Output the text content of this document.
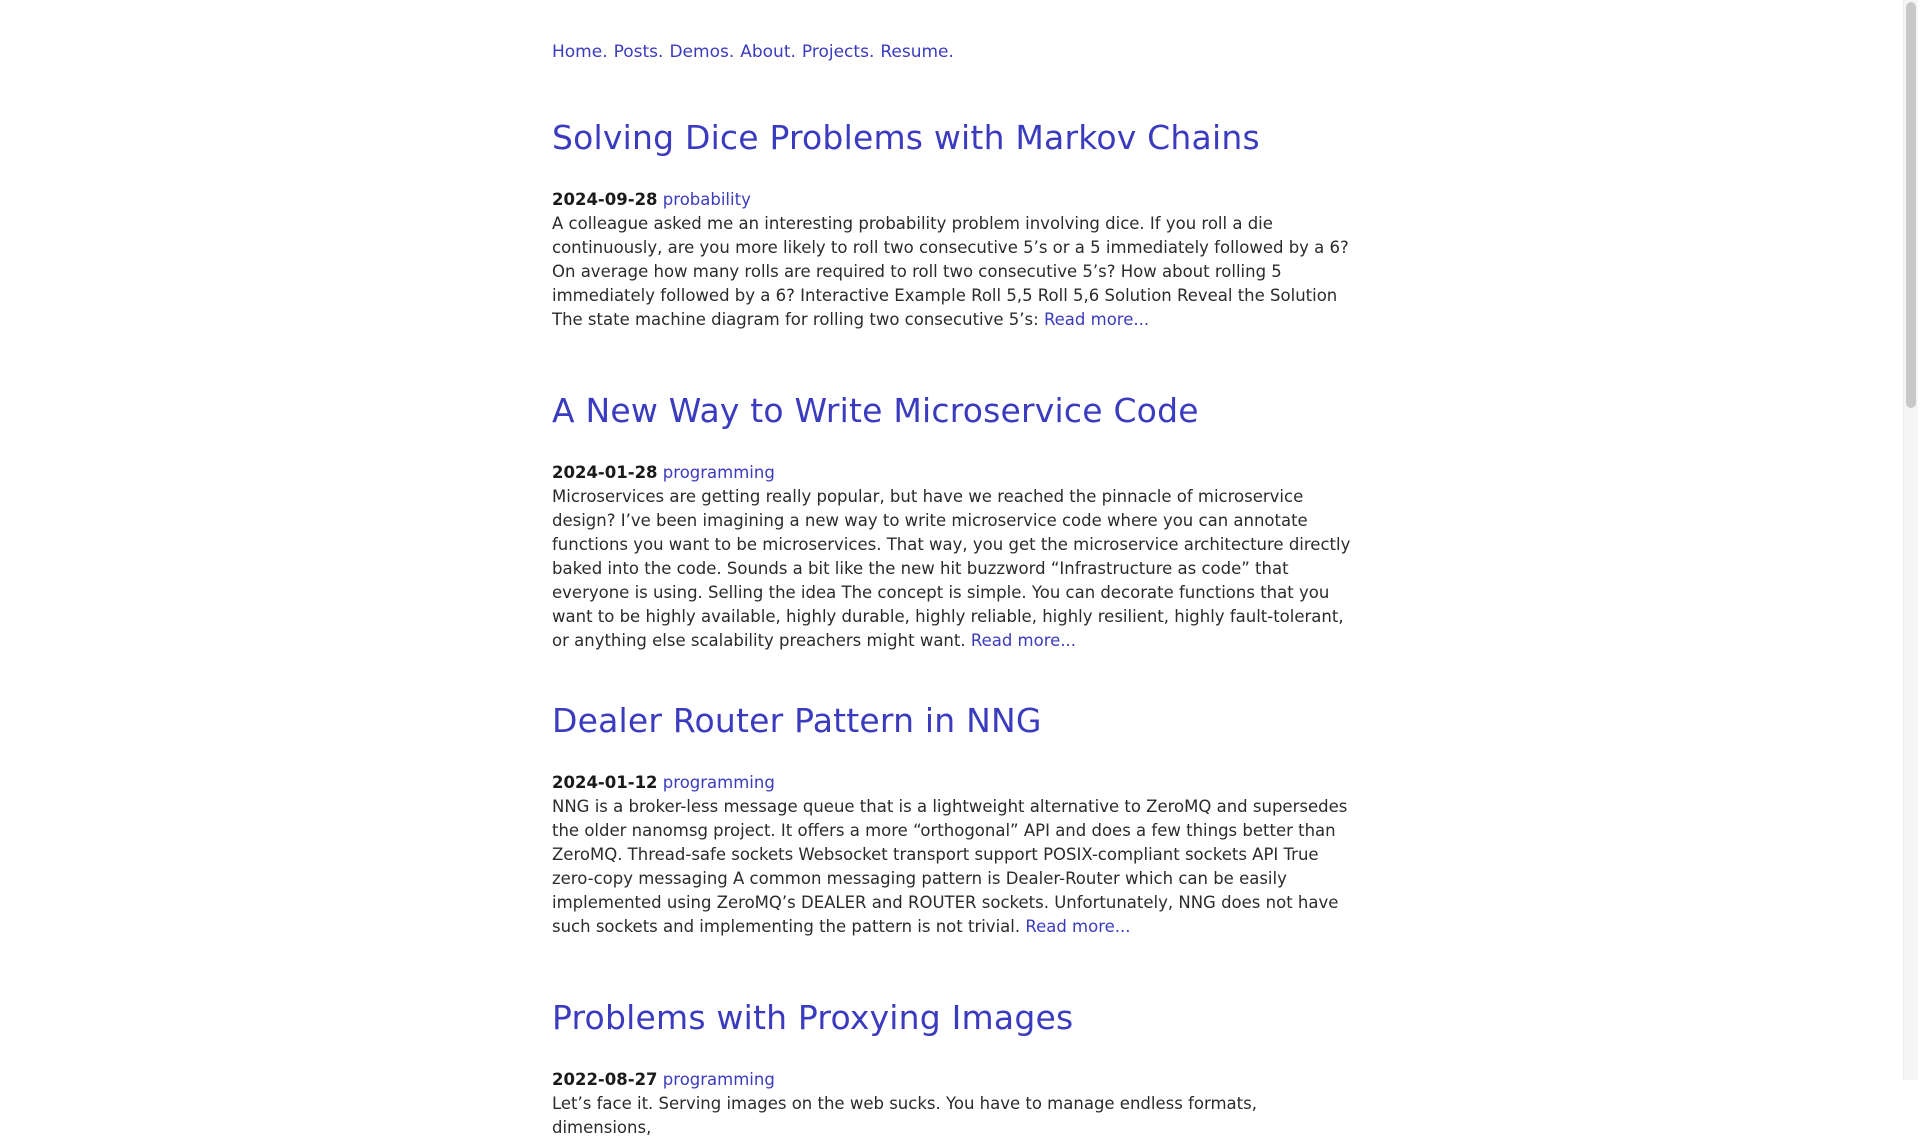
Home. Posts. Demos. About. Projects. Resume.
Solving Dice Problems with Markov Chains
2024-09-28 probability

A colleague asked me an interesting probability problem involving dice. If you roll a die continuously, are you more likely to roll two consecutive 5’s or a 5 immediately followed by a 6? On average how many rolls are required to roll two consecutive 5’s? How about rolling 5 immediately followed by a 6? Interactive Example Roll 5,5 Roll 5,6 Solution Reveal the Solution The state machine diagram for rolling two consecutive 5’s: Read more...

A New Way to Write Microservice Code
2024-01-28 programming

Microservices are getting really popular, but have we reached the pinnacle of microservice design? I’ve been imagining a new way to write microservice code where you can annotate functions you want to be microservices. That way, you get the microservice architecture directly baked into the code. Sounds a bit like the new hit buzzword “Infrastructure as code” that everyone is using. Selling the idea The concept is simple. You can decorate functions that you want to be highly available, highly durable, highly reliable, highly resilient, highly fault-tolerant, or anything else scalability preachers might want. Read more...

Dealer Router Pattern in NNG
2024-01-12 programming

NNG is a broker-less message queue that is a lightweight alternative to ZeroMQ and supersedes the older nanomsg project. It offers a more “orthogonal” API and does a few things better than ZeroMQ. Thread-safe sockets Websocket transport support POSIX-compliant sockets API True zero-copy messaging A common messaging pattern is Dealer-Router which can be easily implemented using ZeroMQ’s DEALER and ROUTER sockets. Unfortunately, NNG does not have such sockets and implementing the pattern is not trivial. Read more...

Problems with Proxying Images
2022-08-27 programming

Let’s face it. Serving images on the web sucks. You have to manage endless formats, dimensions,
